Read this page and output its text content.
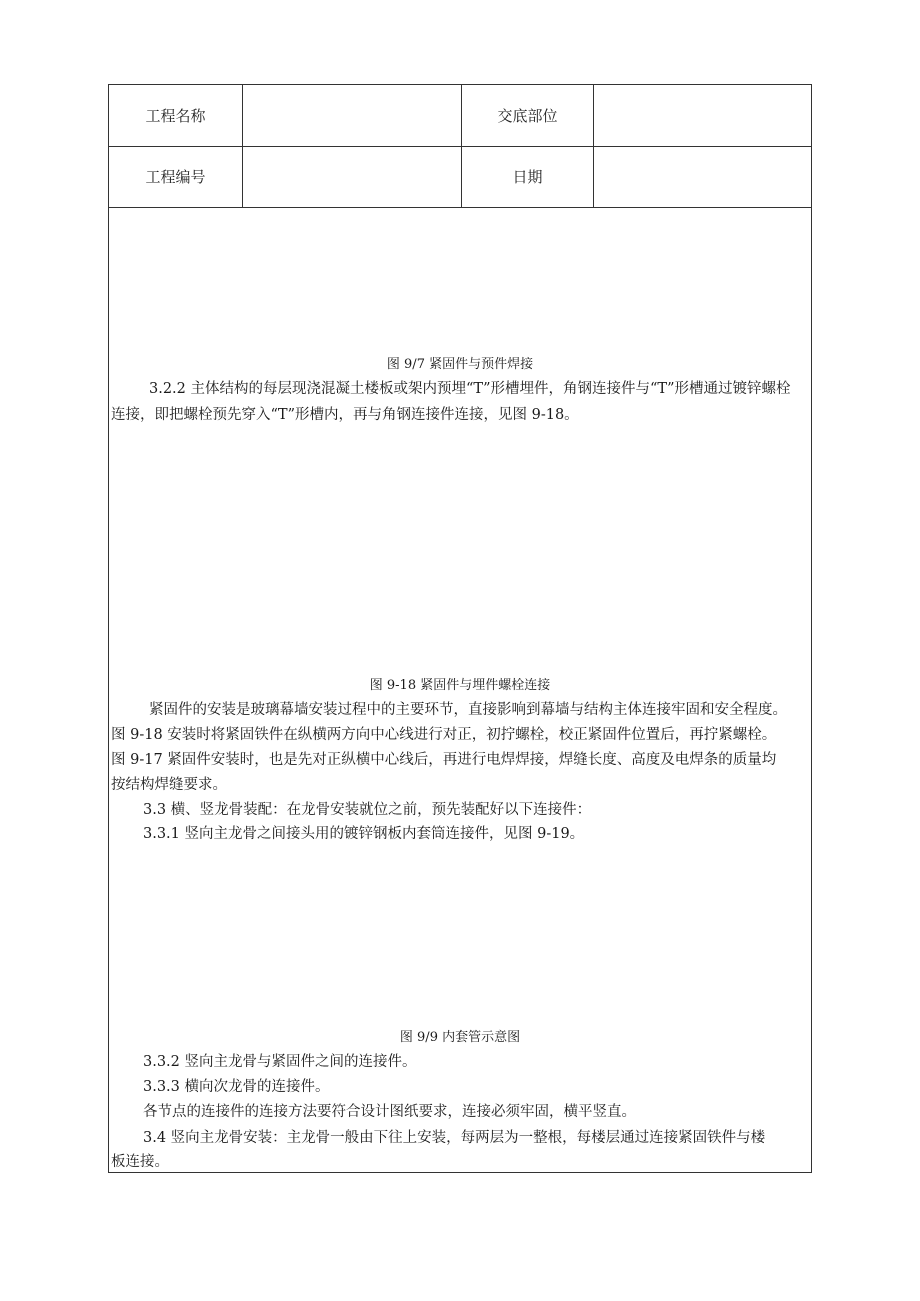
工程名称	交底部位
工程编号	日期
图 9/7 紧固件与预件焊接
3.2.2 主体结构的每层现浇混凝土楼板或架内预埋“T”形槽埋件，角钢连接件与“T”形槽通过镀锌螺栓
连接，即把螺栓预先穿入“T”形槽内，再与角钢连接件连接，见图 9-18。
图 9-18 紧固件与埋件螺栓连接
紧固件的安装是玻璃幕墙安装过程中的主要环节，直接影响到幕墙与结构主体连接牢固和安全程度。
图 9-18 安装时将紧固铁件在纵横两方向中心线进行对正，初拧螺栓，校正紧固件位置后，再拧紧螺栓。
图 9-17 紧固件安装时，也是先对正纵横中心线后，再进行电焊焊接，焊缝长度、高度及电焊条的质量均
按结构焊缝要求。
3.3 横、竖龙骨装配：在龙骨安装就位之前，预先装配好以下连接件：
3.3.1 竖向主龙骨之间接头用的镀锌钢板内套筒连接件，见图 9-19。
图 9/9 内套管示意图
3.3.2 竖向主龙骨与紧固件之间的连接件。
3.3.3 横向次龙骨的连接件。
各节点的连接件的连接方法要符合设计图纸要求，连接必须牢固，横平竖直。
3.4 竖向主龙骨安装：主龙骨一般由下往上安装，每两层为一整根，每楼层通过连接紧固铁件与楼
板连接。
